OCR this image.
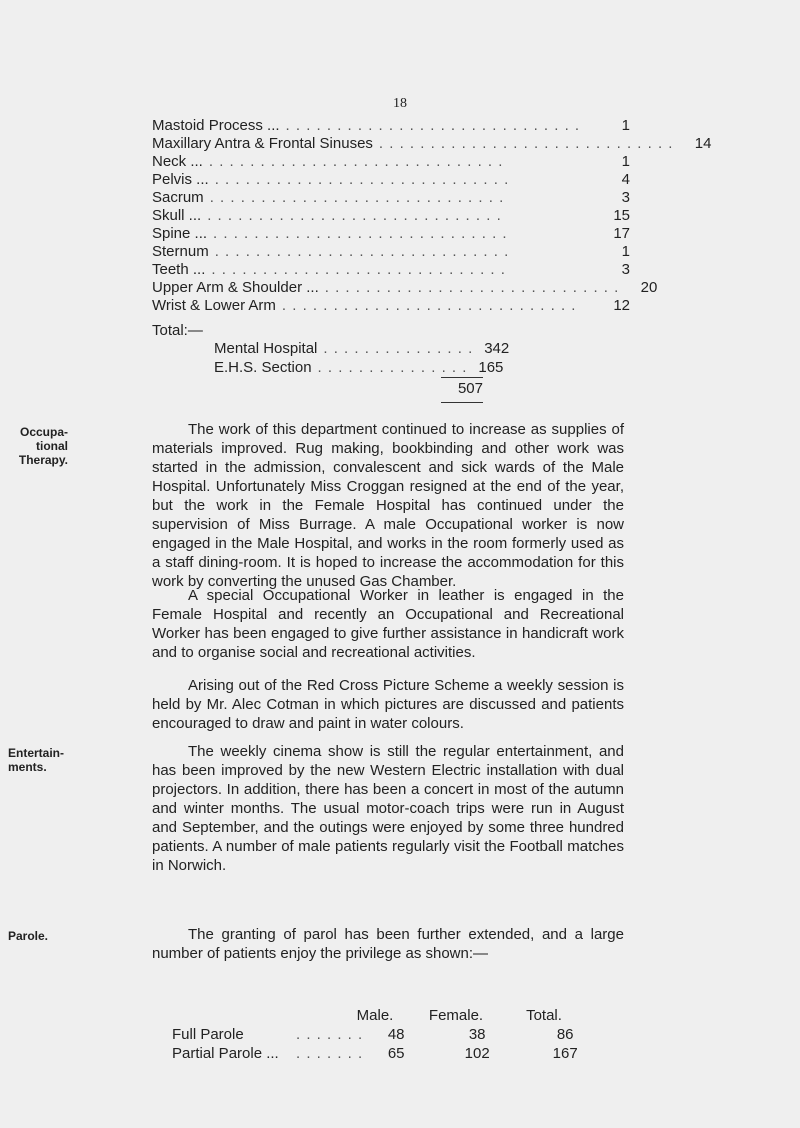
18
Mastoid Process ... . . . . . . . . . . . . . . . . . . . . . . . . . . . . .	1
Maxillary Antra & Frontal Sinuses . . . . . . . . . . . . . . . . . . . . . . . . . . . . .	14
Neck ... . . . . . . . . . . . . . . . . . . . . . . . . . . . . .	1
Pelvis ... . . . . . . . . . . . . . . . . . . . . . . . . . . . . .	4
Sacrum . . . . . . . . . . . . . . . . . . . . . . . . . . . . .	3
Skull ... . . . . . . . . . . . . . . . . . . . . . . . . . . . . .	15
Spine ... . . . . . . . . . . . . . . . . . . . . . . . . . . . . .	17
Sternum . . . . . . . . . . . . . . . . . . . . . . . . . . . . .	1
Teeth ... . . . . . . . . . . . . . . . . . . . . . . . . . . . . .	3
Upper Arm & Shoulder ... . . . . . . . . . . . . . . . . . . . . . . . . . . . . .	20
Wrist & Lower Arm . . . . . . . . . . . . . . . . . . . . . . . . . . . . .	12
Total:—
Mental Hospital . . . . . . . . . . . . . . . 342
E.H.S. Section . . . . . . . . . . . . . . . 165
507
Occupa- tional Therapy.
The work of this department continued to increase as supplies of materials improved. Rug making, bookbinding and other work was started in the admission, convalescent and sick wards of the Male Hospital. Unfortunately Miss Croggan resigned at the end of the year, but the work in the Female Hospital has continued under the supervision of Miss Burrage. A male Occupational worker is now engaged in the Male Hospital, and works in the room formerly used as a staff dining-room. It is hoped to increase the accommodation for this work by converting the unused Gas Chamber.
A special Occupational Worker in leather is engaged in the Female Hospital and recently an Occupational and Recreational Worker has been engaged to give further assistance in handicraft work and to organise social and recreational activities.
Arising out of the Red Cross Picture Scheme a weekly session is held by Mr. Alec Cotman in which pictures are discussed and patients encouraged to draw and paint in water colours.
Entertain- ments.
The weekly cinema show is still the regular entertainment, and has been improved by the new Western Electric installation with dual projectors. In addition, there has been a concert in most of the autumn and winter months. The usual motor-coach trips were run in August and September, and the outings were enjoyed by some three hundred patients. A number of male patients regularly visit the Football matches in Norwich.
Parole.	The granting of parol has been further extended, and a large number of patients enjoy the privilege as shown:—
Male.	Female.	Total.
Full Parole	. . . . . . .	48	38	86
Partial Parole ...	. . . . . . .	65	102	167
